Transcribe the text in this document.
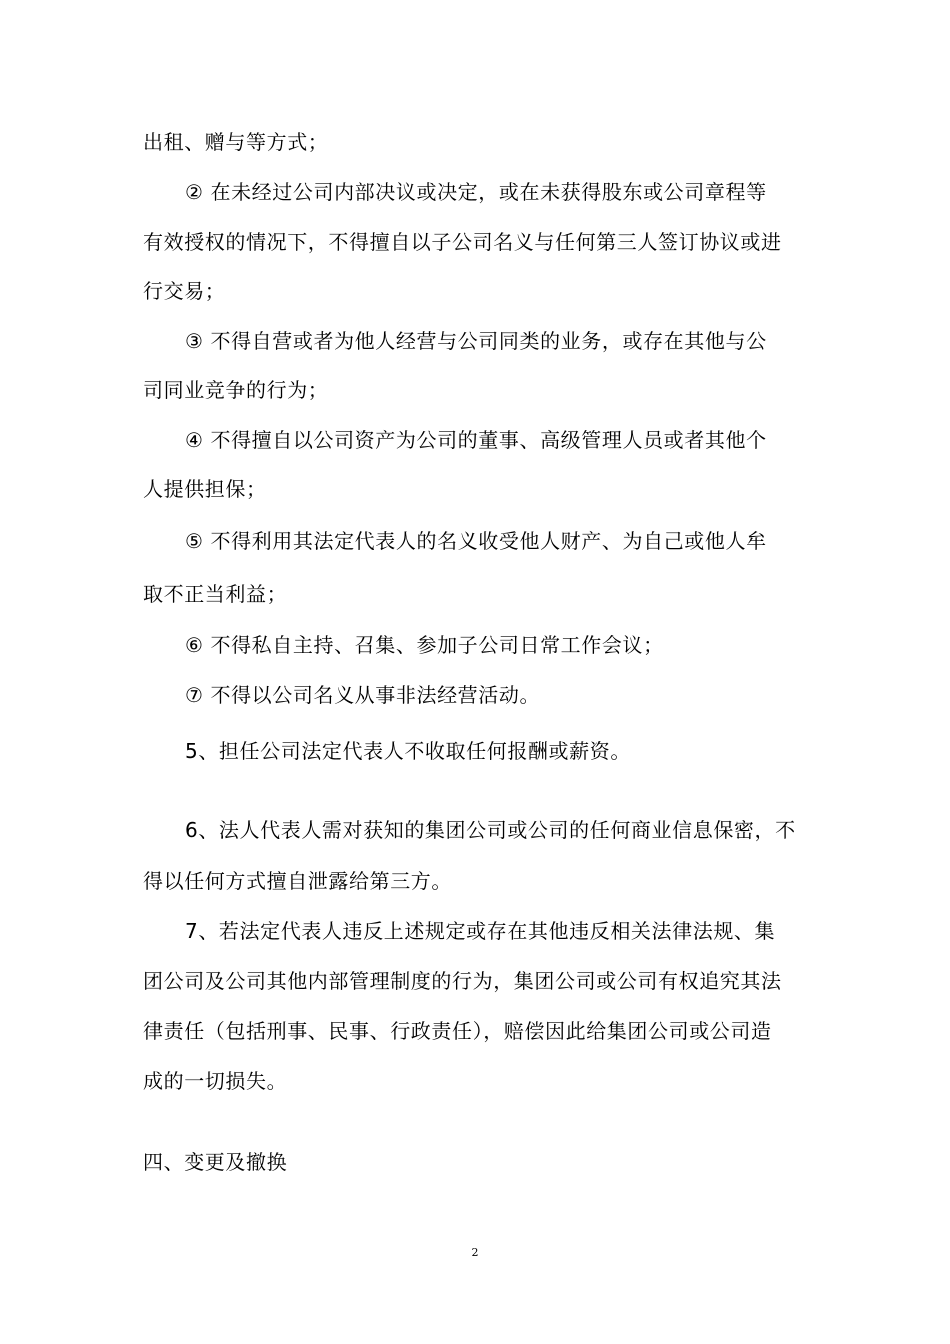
出租、赠与等方式；
② 在未经过公司内部决议或决定，或在未获得股东或公司章程等
有效授权的情况下，不得擅自以子公司名义与任何第三人签订协议或进
行交易；
③ 不得自营或者为他人经营与公司同类的业务，或存在其他与公
司同业竞争的行为；
④ 不得擅自以公司资产为公司的董事、高级管理人员或者其他个
人提供担保；
⑤ 不得利用其法定代表人的名义收受他人财产、为自己或他人牟
取不正当利益；
⑥ 不得私自主持、召集、参加子公司日常工作会议；
⑦ 不得以公司名义从事非法经营活动。
5、担任公司法定代表人不收取任何报酬或薪资。
6、法人代表人需对获知的集团公司或公司的任何商业信息保密，不
得以任何方式擅自泄露给第三方。
7、若法定代表人违反上述规定或存在其他违反相关法律法规、集
团公司及公司其他内部管理制度的行为，集团公司或公司有权追究其法
律责任（包括刑事、民事、行政责任），赔偿因此给集团公司或公司造
成的一切损失。
四、变更及撤换
2
